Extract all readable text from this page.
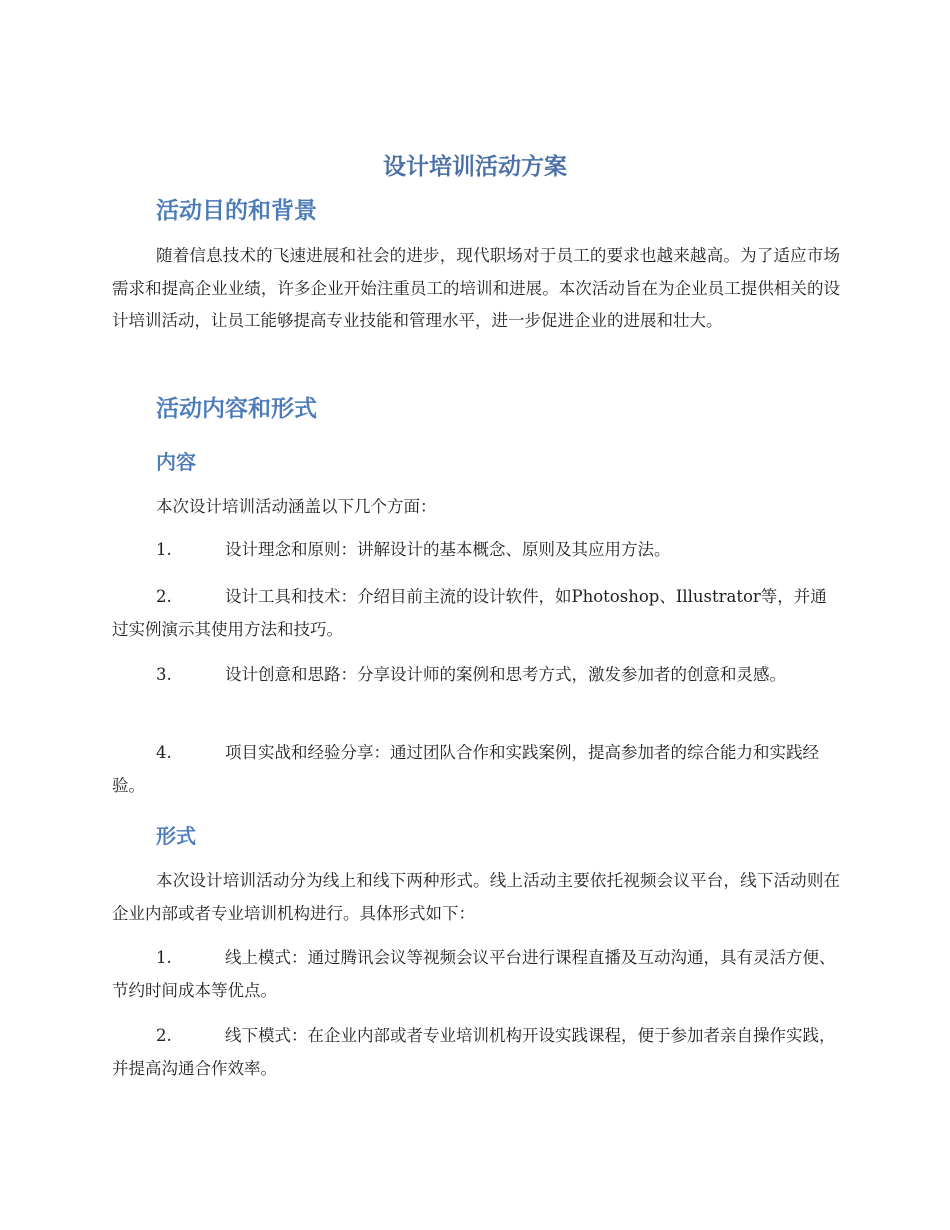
设计培训活动方案
活动目的和背景

随着信息技术的飞速进展和社会的进步，现代职场对于员工的要求也越来越高。为了适应市场需求和提高企业业绩，许多企业开始注重员工的培训和进展。本次活动旨在为企业员工提供相关的设计培训活动，让员工能够提高专业技能和管理水平，进一步促进企业的进展和壮大。

活动内容和形式
内容

本次设计培训活动涵盖以下几个方面：

1.	设计理念和原则：讲解设计的基本概念、原则及其应用方法。
2.	设计工具和技术：介绍目前主流的设计软件，如Photoshop、Illustrator等，并通过实例演示其使用方法和技巧。
3.	设计创意和思路：分享设计师的案例和思考方式，激发参加者的创意和灵感。
4.	项目实战和经验分享：通过团队合作和实践案例，提高参加者的综合能力和实践经验。
形式

本次设计培训活动分为线上和线下两种形式。线上活动主要依托视频会议平台，线下活动则在企业内部或者专业培训机构进行。具体形式如下：

1.	线上模式：通过腾讯会议等视频会议平台进行课程直播及互动沟通，具有灵活方便、节约时间成本等优点。
2.	线下模式：在企业内部或者专业培训机构开设实践课程，便于参加者亲自操作实践，并提高沟通合作效率。
